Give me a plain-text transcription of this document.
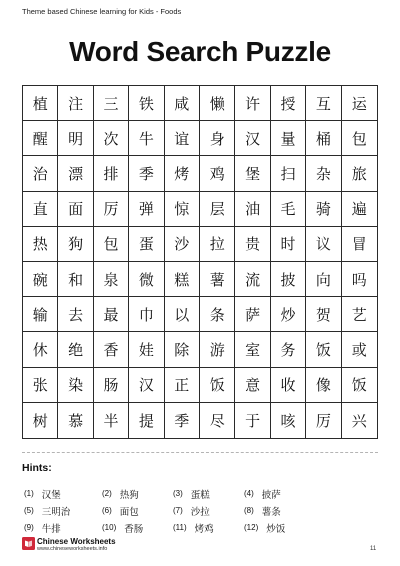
Theme based Chinese learning for Kids - Foods
Word Search Puzzle
植	注	三	铁	咸	懒	许	授	互	运
醒	明	次	牛	谊	身	汉	量	桶	包
治	漂	排	季	烤	鸡	堡	扫	杂	旅
直	面	厉	弹	惊	层	油	毛	骑	遍
热	狗	包	蛋	沙	拉	贵	时	议	冒
碗	和	泉	微	糕	薯	流	披	向	吗
输	去	最	巾	以	条	萨	炒	贺	艺
休	绝	香	娃	除	游	室	务	饭	或
张	染	肠	汉	正	饭	意	收	像	饭
树	慕	半	提	季	尽	于	咳	厉	兴
Hints:
(1) 汉堡	(2) 热狗	(3) 蛋糕	(4) 披萨
(5) 三明治	(6) 面包	(7) 沙拉	(8) 薯条
(9) 牛排	(10) 香肠	(11) 烤鸡	(12) 炒饭
Chinese Worksheets
www.chineseworksheets.info	11
